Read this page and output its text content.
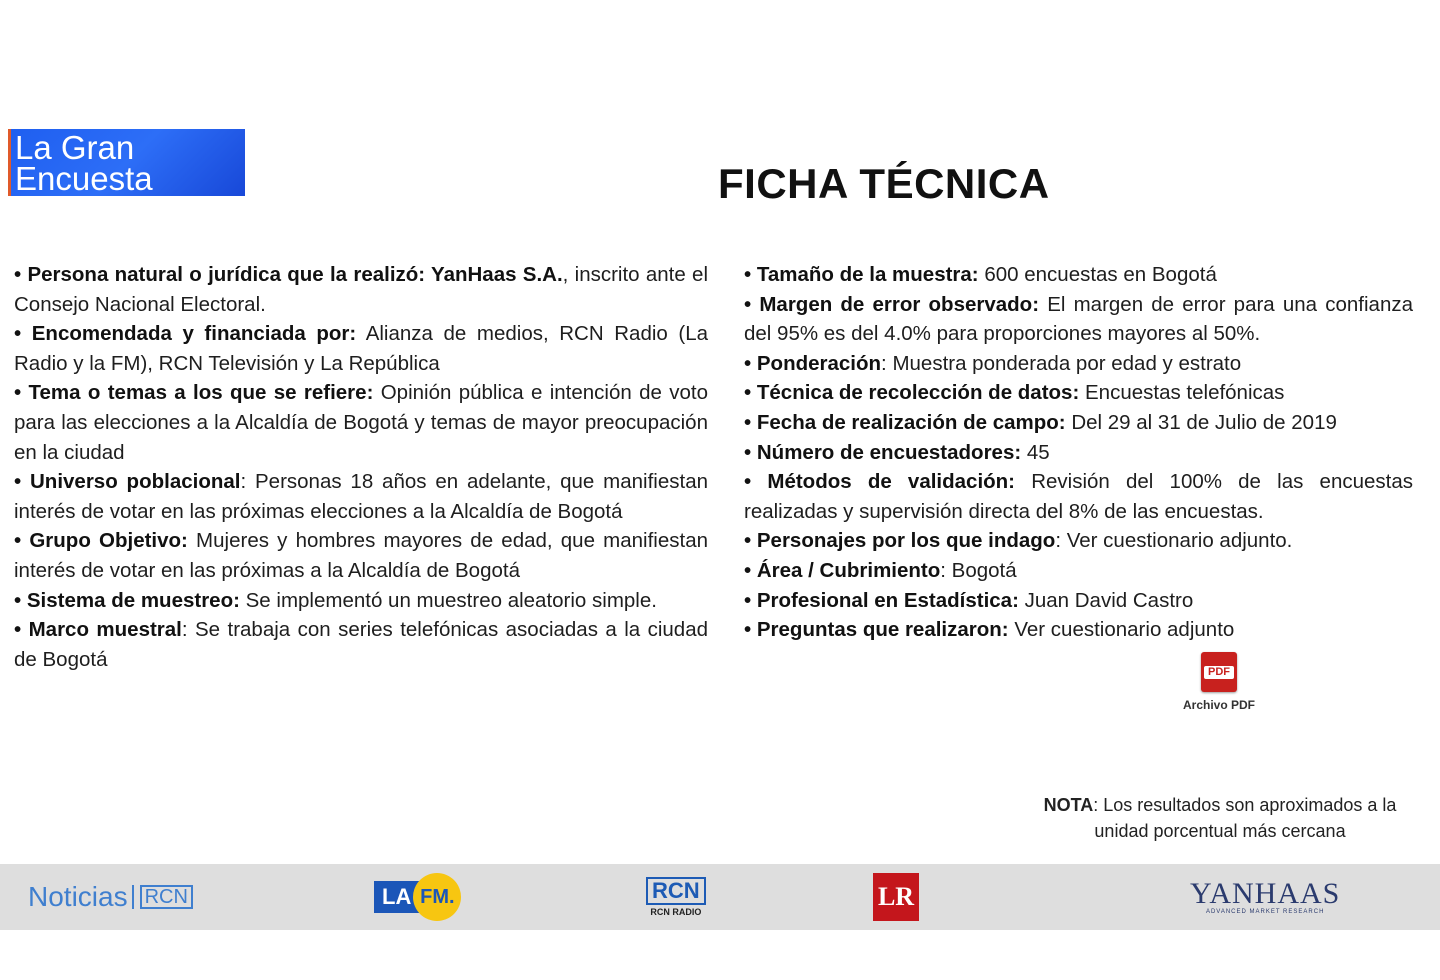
La Gran
Encuesta	FICHA TÉCNICA

• Persona natural o jurídica que la realizó: YanHaas S.A., inscrito ante el Consejo Nacional Electoral.

• Encomendada y financiada por: Alianza de medios, RCN Radio (La Radio y la FM), RCN Televisión y La República

• Tema o temas a los que se refiere: Opinión pública e intención de voto para las elecciones a la Alcaldía de Bogotá y temas de mayor preocupación en la ciudad

• Universo poblacional: Personas 18 años en adelante, que manifiestan interés de votar en las próximas elecciones a la Alcaldía de Bogotá

• Grupo Objetivo: Mujeres y hombres mayores de edad, que manifiestan interés de votar en las próximas a la Alcaldía de Bogotá

• Sistema de muestreo: Se implementó un muestreo aleatorio simple.

• Marco muestral: Se trabaja con series telefónicas asociadas a la ciudad de Bogotá

• Tamaño de la muestra: 600 encuestas en Bogotá

• Margen de error observado: El margen de error para una confianza del 95% es del 4.0% para proporciones mayores al 50%.

• Ponderación: Muestra ponderada por edad y estrato

• Técnica de recolección de datos: Encuestas telefónicas

• Fecha de realización de campo: Del 29 al 31 de Julio de 2019

• Número de encuestadores: 45

• Métodos de validación: Revisión del 100% de las encuestas realizadas y supervisión directa del 8% de las encuestas.

• Personajes por los que indago: Ver cuestionario adjunto.

• Área / Cubrimiento: Bogotá

• Profesional en Estadística: Juan David Castro

• Preguntas que realizaron: Ver cuestionario adjunto

PDF
Archivo PDF
NOTA: Los resultados son aproximados a la unidad porcentual más cercana
Noticias RCN	LA FM.	RCN
RCN RADIO
LR	YANHAAS
ADVANCED MARKET RESEARCH
